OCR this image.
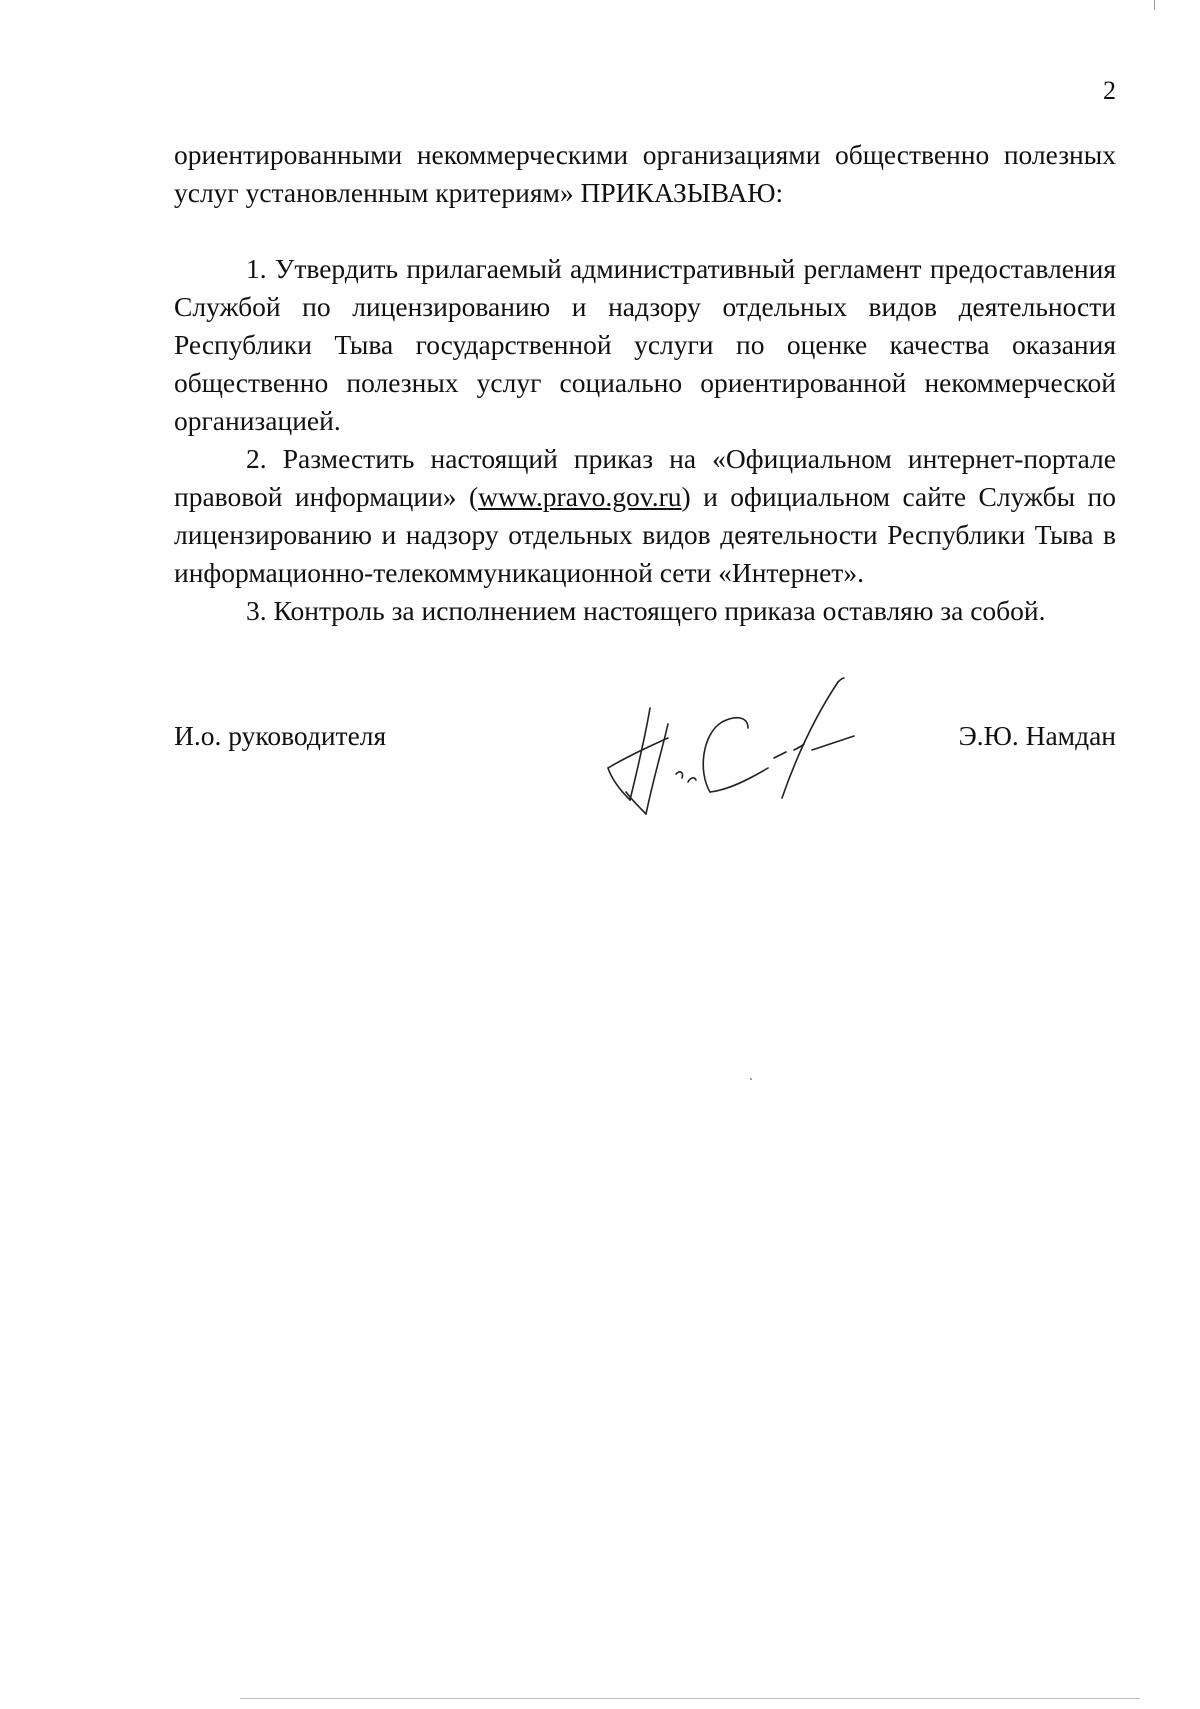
2

ориентированными некоммерческими организациями общественно полезных услуг установленным критериям» ПРИКАЗЫВАЮ:

1. Утвердить прилагаемый административный регламент предоставления Службой по лицензированию и надзору отдельных видов деятельности Республики Тыва государственной услуги по оценке качества оказания общественно полезных услуг социально ориентированной некоммерческой организацией.

2. Разместить настоящий приказ на «Официальном интернет-портале правовой информации» (www.pravo.gov.ru) и официальном сайте Службы по лицензированию и надзору отдельных видов деятельности Республики Тыва в информационно-телекоммуникационной сети «Интернет».

3. Контроль за исполнением настоящего приказа оставляю за собой.

И.о. руководителя	Э.Ю. Намдан
